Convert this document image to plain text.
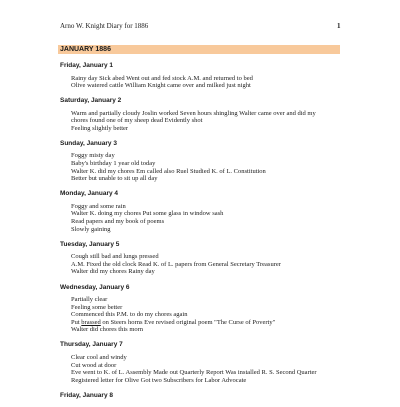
Arno W. Knight Diary for 1886	1
JANUARY 1886
Friday, January 1
Rainy day Sick abed Went out and fed stock A.M. and returned to bed
Olive watered cattle William Knight came over and milked just night
Saturday, January 2
Warm and partially cloudy Joslin worked Seven hours shingling Walter came over and did my
chores found one of my sheep dead Evidently shot
Feeling slightly better
Sunday, January 3
Foggy misty day
Baby's birthday 1 year old today
Walter K. did my chores Em called also Ruel Studied K. of L. Constitution
Better but unable to sit up all day
Monday, January 4
Foggy and some rain
Walter K. doing my chores Put some glass in window sash
Read papers and my book of poems
Slowly gaining
Tuesday, January 5
Cough still bad and lungs pressed
A.M. Fixed the old clock Read K. of L. papers from General Secretary Treasurer
Walter did my chores Rainy day
Wednesday, January 6
Partially clear
Feeling some better
Commenced this P.M. to do my chores again
Put brassed on Steers horns Eve revised original poem "The Curse of Poverty"
Walter did chores this morn
Thursday, January 7
Clear cool and windy
Cut wood at door
Eve went to K. of L. Assembly Made out Quarterly Report Was installed R. S. Second Quarter
Registered letter for Olive Got two Subscribers for Labor Advocate
Friday, January 8
